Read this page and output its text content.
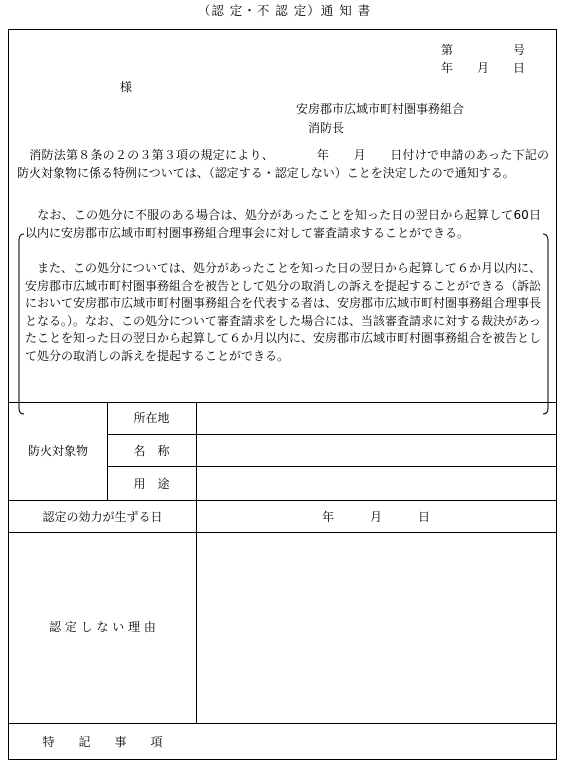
（認 定・不 認 定）通 知 書
第　　　　　号
年　　月　　日
様
安房郡市広域市町村圏事務組合
消防長
　消防法第８条の２の３第３項の規定により、　　　　年　　月　　日付けで申請のあった下記の防火対象物に係る特例については、（認定する・認定しない）ことを決定したので通知する。
　なお、この処分に不服のある場合は、処分があったことを知った日の翌日から起算して60日以内に安房郡市広域市町村圏事務組合理事会に対して審査請求することができる。
　また、この処分については、処分があったことを知った日の翌日から起算して６か月以内に、安房郡市広域市町村圏事務組合を被告として処分の取消しの訴えを提起することができる（訴訟において安房郡市広域市町村圏事務組合を代表する者は、安房郡市広域市町村圏事務組合理事長となる。）。なお、この処分について審査請求をした場合には、当該審査請求に対する裁決があったことを知った日の翌日から起算して６か月以内に、安房郡市広域市町村圏事務組合を被告として処分の取消しの訴えを提起することができる。
防火対象物
所在地
名　称
用　途
認定の効力が生ずる日	年　　　月　　　日
認 定 し な い 理 由
特　　記　　事　　項
